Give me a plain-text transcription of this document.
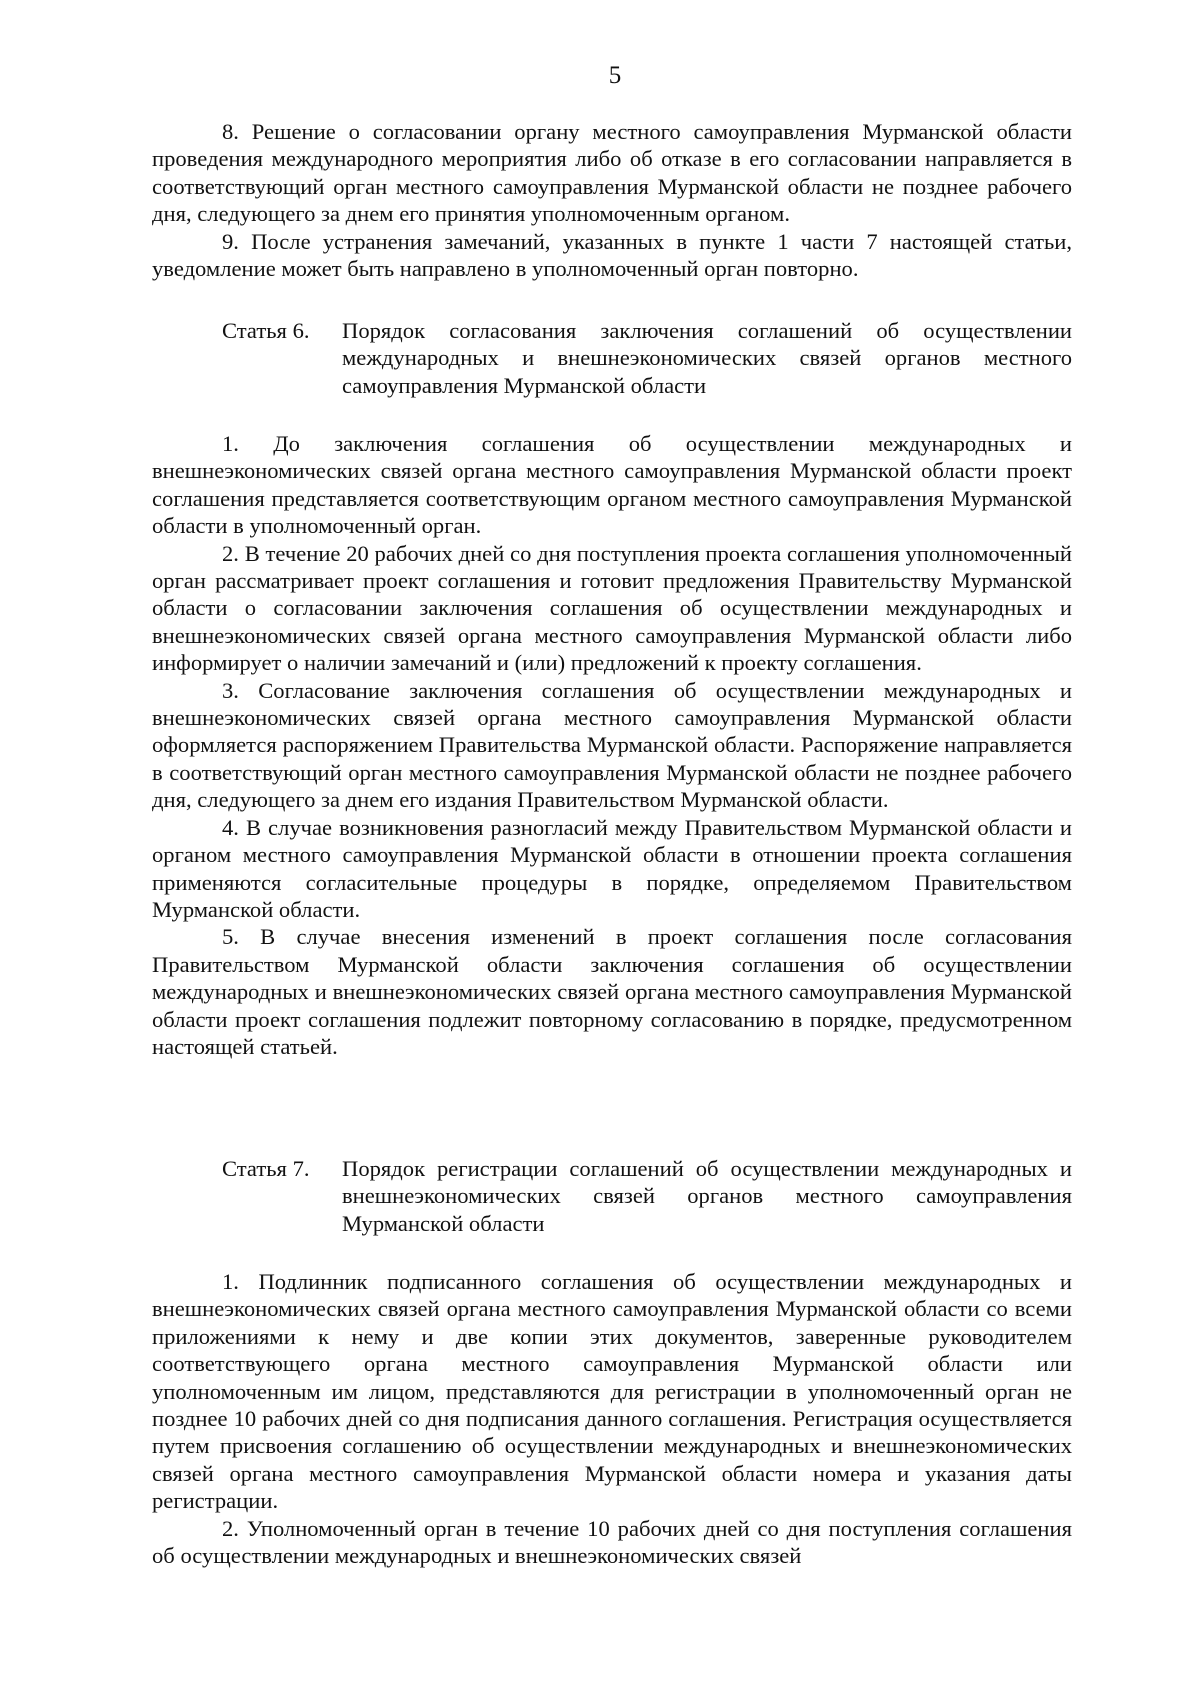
5

8. Решение о согласовании органу местного самоуправления Мурманской области проведения международного мероприятия либо об отказе в его согласовании направляется в соответствующий орган местного самоуправления Мурманской области не позднее рабочего дня, следующего за днем его принятия уполномоченным органом.

9. После устранения замечаний, указанных в пункте 1 части 7 настоящей статьи, уведомление может быть направлено в уполномоченный орган повторно.

Статья 6.	Порядок согласования заключения соглашений об осуществлении международных и внешнеэкономических связей органов местного самоуправления Мурманской области

1. До заключения соглашения об осуществлении международных и внешнеэкономических связей органа местного самоуправления Мурманской области проект соглашения представляется соответствующим органом местного самоуправления Мурманской области в уполномоченный орган.

2. В течение 20 рабочих дней со дня поступления проекта соглашения уполномоченный орган рассматривает проект соглашения и готовит предложения Правительству Мурманской области о согласовании заключения соглашения об осуществлении международных и внешнеэкономических связей органа местного самоуправления Мурманской области либо информирует о наличии замечаний и (или) предложений к проекту соглашения.

3. Согласование заключения соглашения об осуществлении международных и внешнеэкономических связей органа местного самоуправления Мурманской области оформляется распоряжением Правительства Мурманской области. Распоряжение направляется в соответствующий орган местного самоуправления Мурманской области не позднее рабочего дня, следующего за днем его издания Правительством Мурманской области.

4. В случае возникновения разногласий между Правительством Мурманской области и органом местного самоуправления Мурманской области в отношении проекта соглашения применяются согласительные процедуры в порядке, определяемом Правительством Мурманской области.

5. В случае внесения изменений в проект соглашения после согласования Правительством Мурманской области заключения соглашения об осуществлении международных и внешнеэкономических связей органа местного самоуправления Мурманской области проект соглашения подлежит повторному согласованию в порядке, предусмотренном настоящей статьей.

Статья 7.	Порядок регистрации соглашений об осуществлении международных и внешнеэкономических связей органов местного самоуправления Мурманской области

1. Подлинник подписанного соглашения об осуществлении международных и внешнеэкономических связей органа местного самоуправления Мурманской области со всеми приложениями к нему и две копии этих документов, заверенные руководителем соответствующего органа местного самоуправления Мурманской области или уполномоченным им лицом, представляются для регистрации в уполномоченный орган не позднее 10 рабочих дней со дня подписания данного соглашения. Регистрация осуществляется путем присвоения соглашению об осуществлении международных и внешнеэкономических связей органа местного самоуправления Мурманской области номера и указания даты регистрации.

2. Уполномоченный орган в течение 10 рабочих дней со дня поступления соглашения об осуществлении международных и внешнеэкономических связей
